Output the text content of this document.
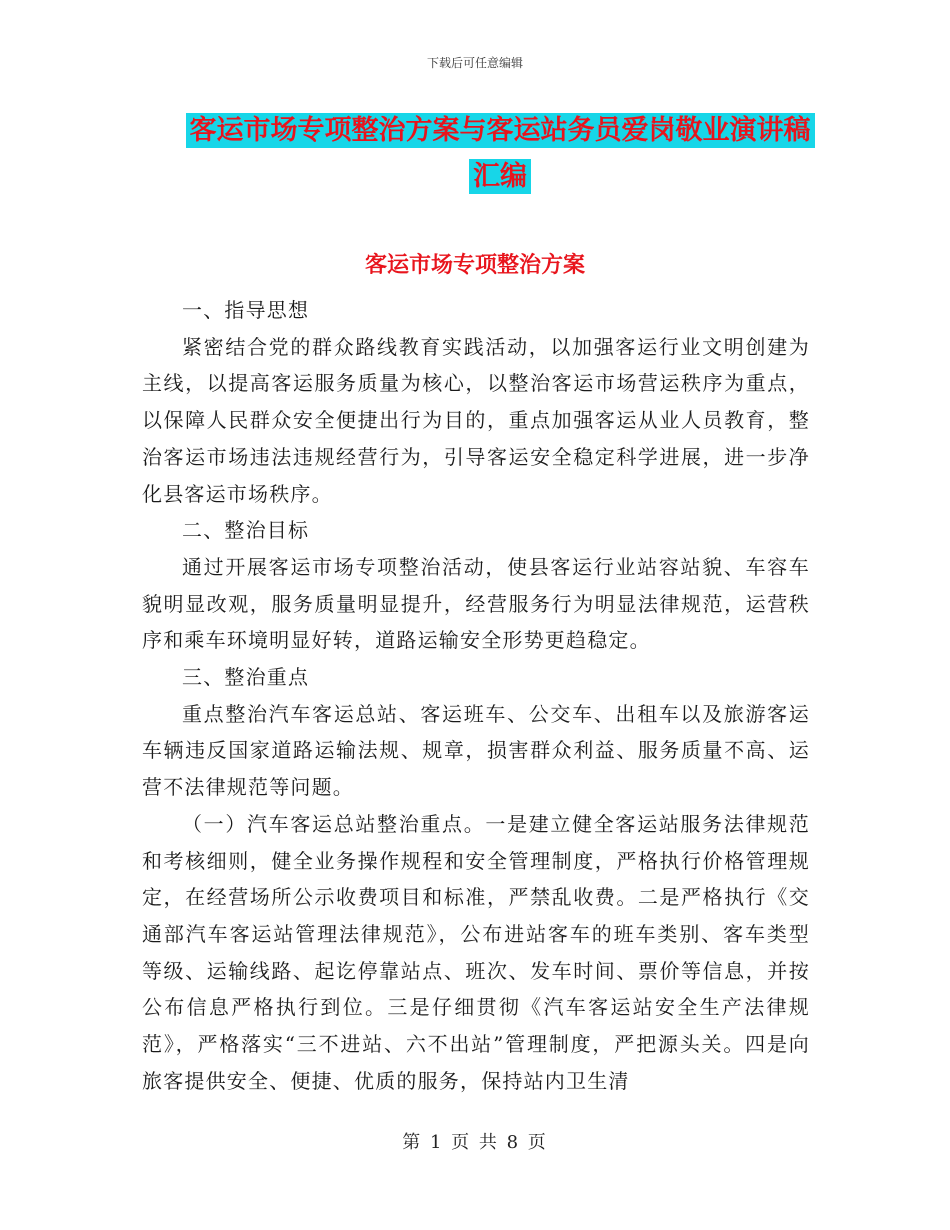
下载后可任意编辑
客运市场专项整治方案与客运站务员爱岗敬业演讲稿
汇编
客运市场专项整治方案

一、指导思想

紧密结合党的群众路线教育实践活动，以加强客运行业文明创建为主线，以提高客运服务质量为核心，以整治客运市场营运秩序为重点，以保障人民群众安全便捷出行为目的，重点加强客运从业人员教育，整治客运市场违法违规经营行为，引导客运安全稳定科学进展，进一步净化县客运市场秩序。

二、整治目标

通过开展客运市场专项整治活动，使县客运行业站容站貌、车容车貌明显改观，服务质量明显提升，经营服务行为明显法律规范，运营秩序和乘车环境明显好转，道路运输安全形势更趋稳定。

三、整治重点

重点整治汽车客运总站、客运班车、公交车、出租车以及旅游客运车辆违反国家道路运输法规、规章，损害群众利益、服务质量不高、运营不法律规范等问题。

（一）汽车客运总站整治重点。一是建立健全客运站服务法律规范和考核细则，健全业务操作规程和安全管理制度，严格执行价格管理规定，在经营场所公示收费项目和标准，严禁乱收费。二是严格执行《交通部汽车客运站管理法律规范》，公布进站客车的班车类别、客车类型等级、运输线路、起讫停靠站点、班次、发车时间、票价等信息，并按公布信息严格执行到位。三是仔细贯彻《汽车客运站安全生产法律规范》，严格落实“三不进站、六不出站”管理制度，严把源头关。四是向旅客提供安全、便捷、优质的服务，保持站内卫生清

第 1 页 共 8 页
